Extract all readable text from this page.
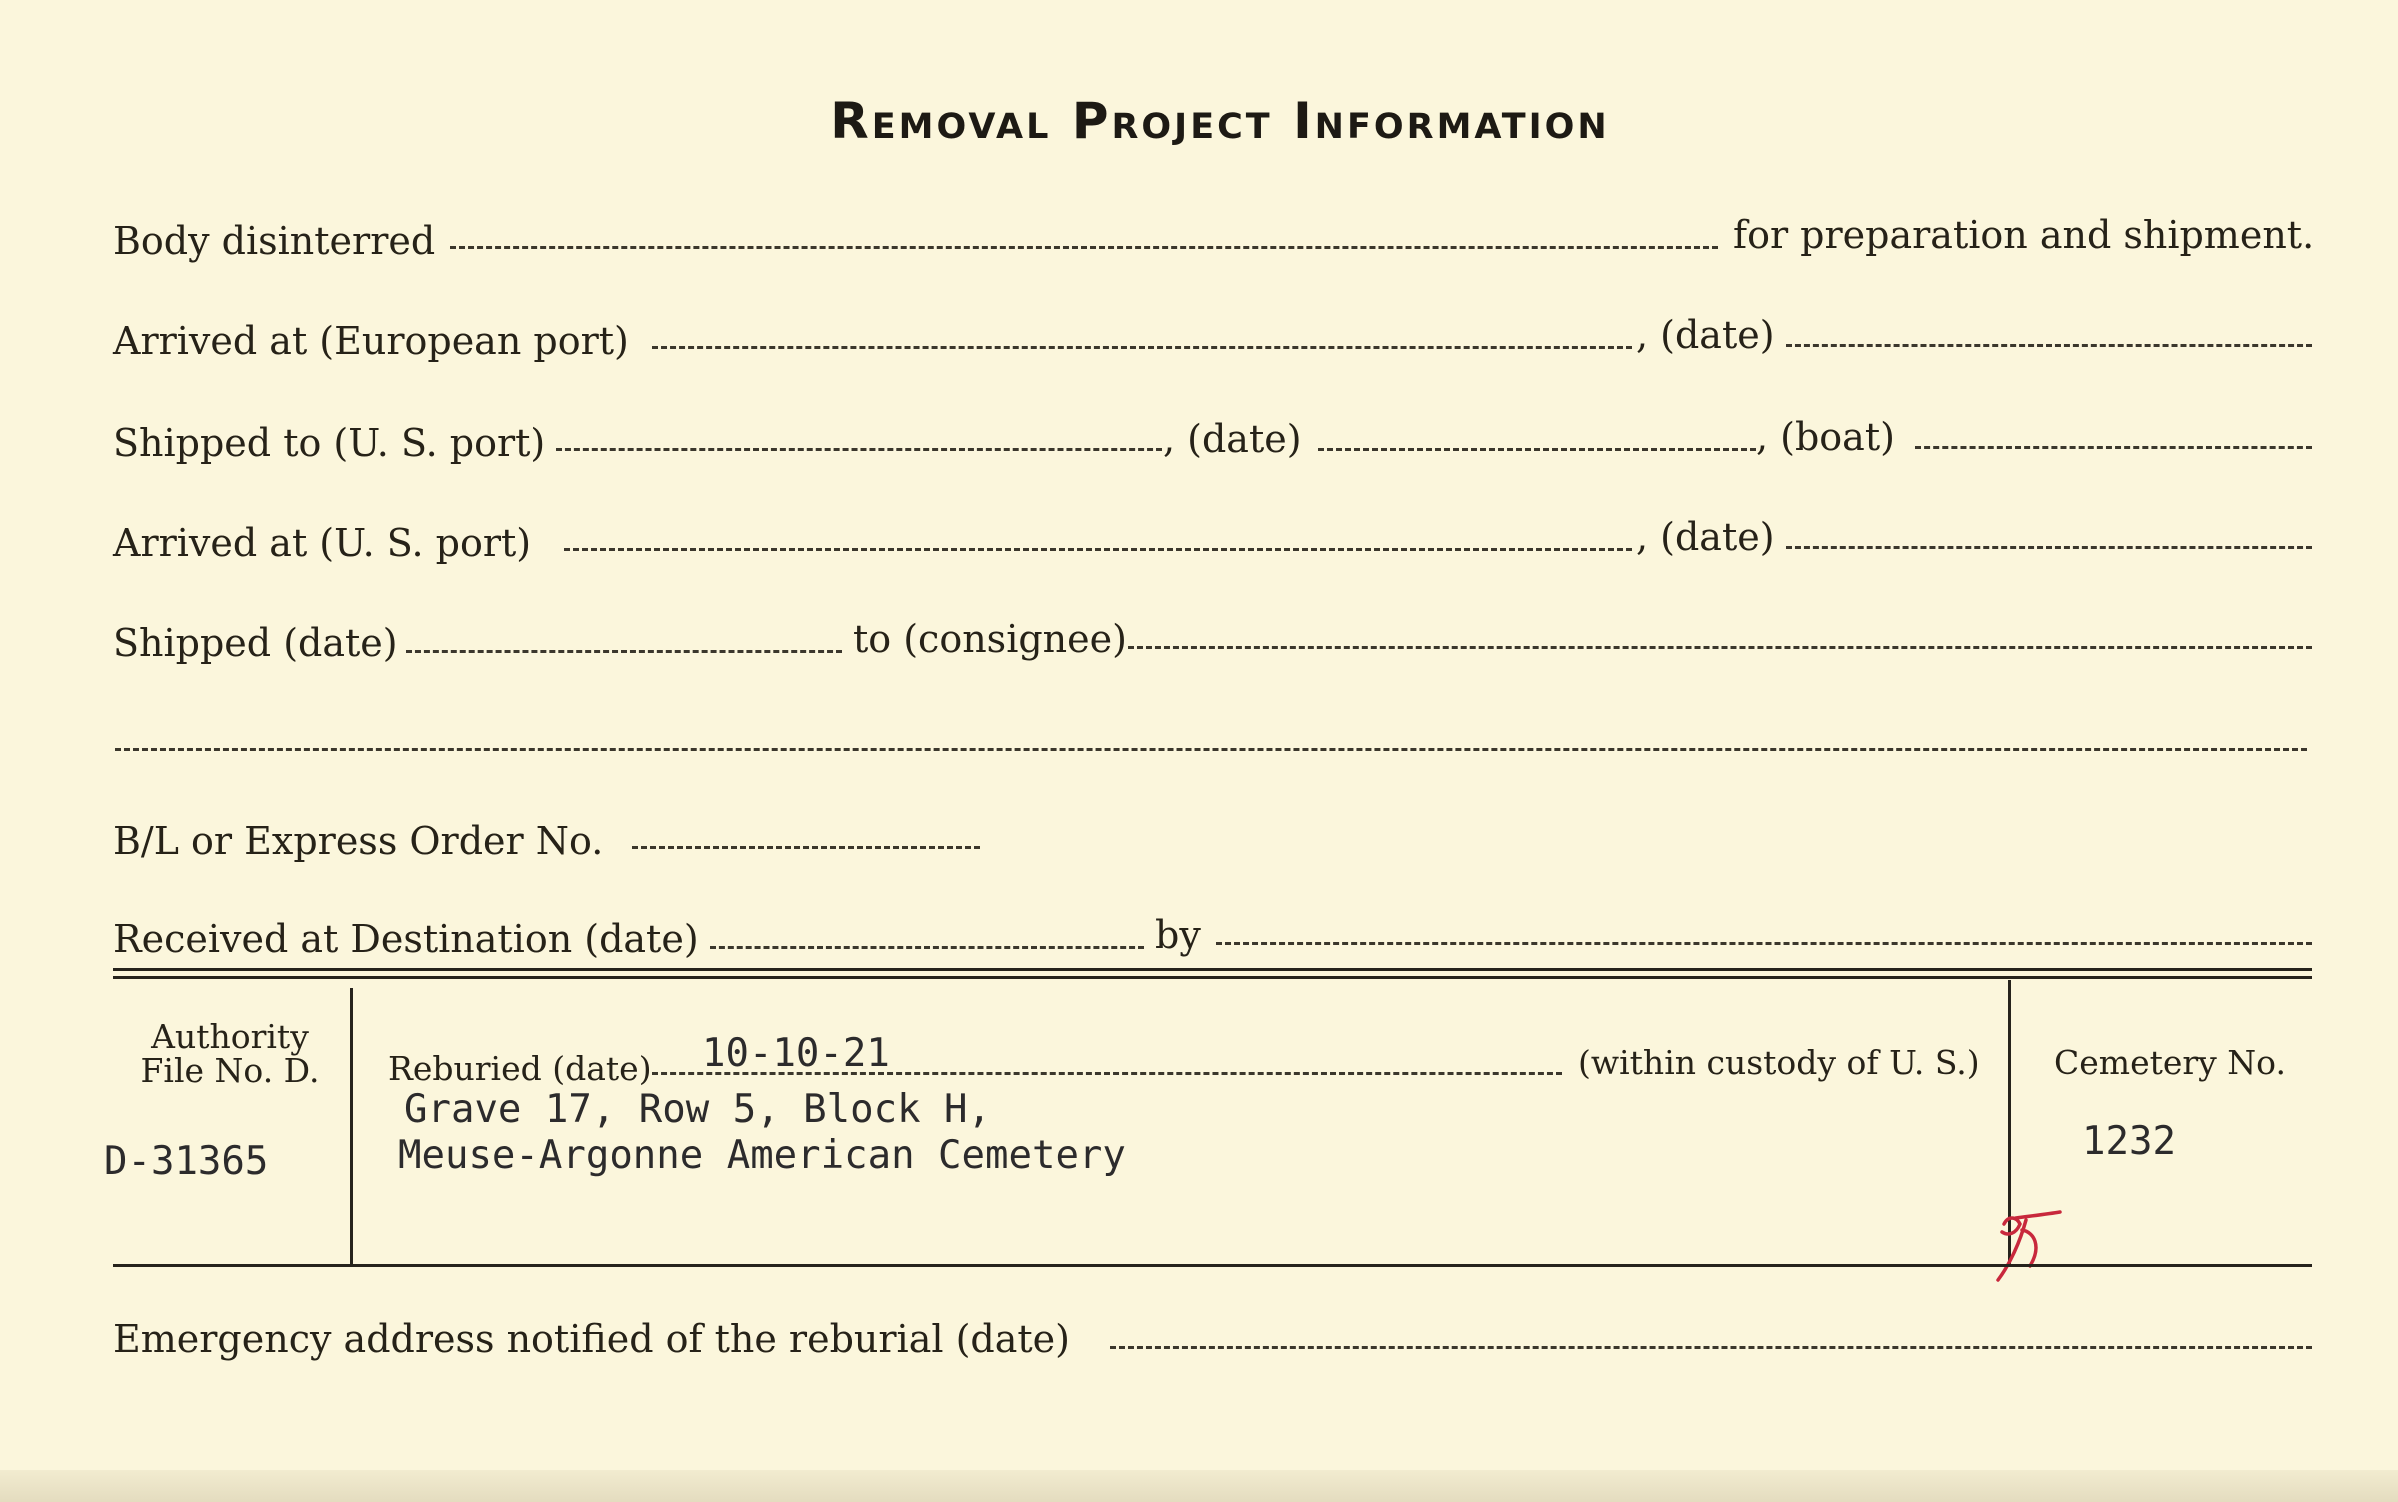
Removal Project Information
Body disinterred	for preparation and shipment.
Arrived at (European port)	, (date)
Shipped to (U. S. port)	, (date)	, (boat)
Arrived at (U. S. port)	, (date)
Shipped (date)	to (consignee)
B/L or Express Order No.
Received at Destination (date)	by
Authority
File No. D.
D-31365
Reburied (date) 10-10-21	(within custody of U. S.)
Grave 17, Row 5, Block H,
Meuse-Argonne American Cemetery
Cemetery No.
1232
Emergency address notified of the reburial (date)
